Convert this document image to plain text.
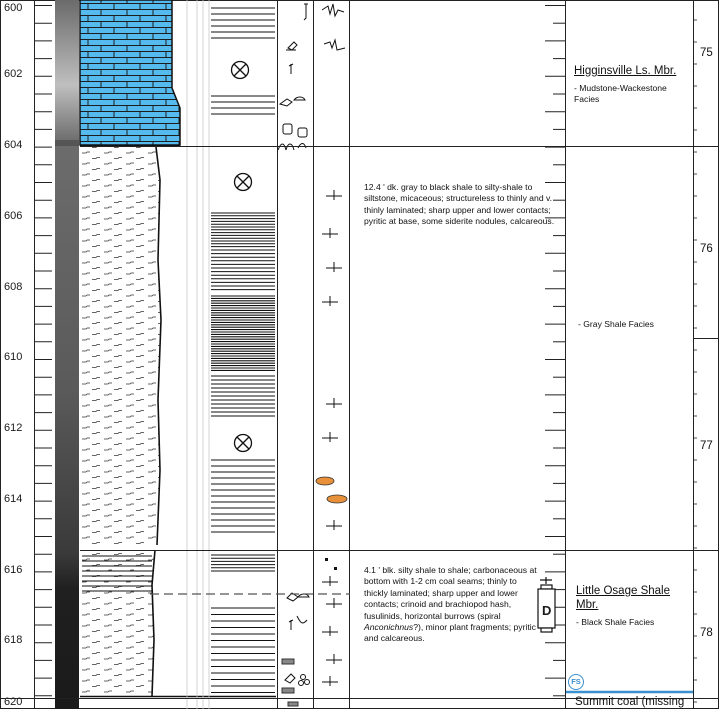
600
602
604
606
608
610
612
614
616
618
620
D
12.4 ' dk. gray to black shale to silty-shale to siltstone, micaceous; structureless to thinly and v. thinly laminated; sharp upper and lower contacts; pyritic at base, some siderite nodules, calcareous.
4.1 ' blk. silty shale to shale; carbonaceous at bottom with 1-2 cm coal seams; thinly to thickly laminated; sharp upper and lower contacts; crinoid and brachiopod hash, fusulinids, horizontal burrows (spiral Anconichnus?), minor plant fragments; pyritic and calcareous.
Higginsville Ls. Mbr.
- Mudstone-Wackestone Facies
- Gray Shale Facies
Little Osage Shale Mbr.
- Black Shale Facies
Summit coal (missing
FS
75
76
77
78
